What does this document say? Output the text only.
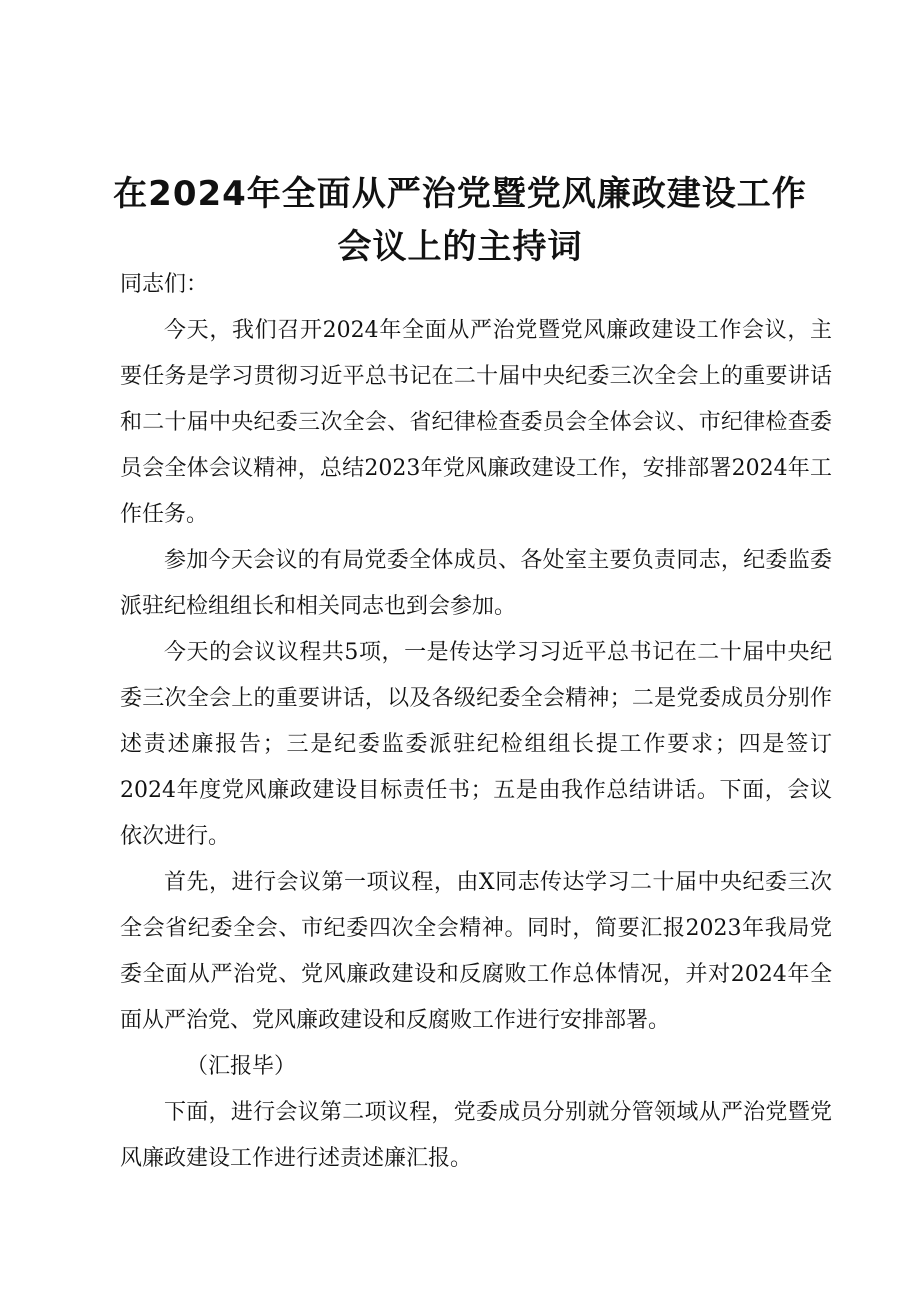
在2024年全面从严治党暨党风廉政建设工作
会议上的主持词

同志们：

今天，我们召开2024年全面从严治党暨党风廉政建设工作会议，主要任务是学习贯彻习近平总书记在二十届中央纪委三次全会上的重要讲话和二十届中央纪委三次全会、省纪律检查委员会全体会议、市纪律检查委员会全体会议精神，总结2023年党风廉政建设工作，安排部署2024年工作任务。

参加今天会议的有局党委全体成员、各处室主要负责同志，纪委监委派驻纪检组组长和相关同志也到会参加。

今天的会议议程共5项，一是传达学习习近平总书记在二十届中央纪委三次全会上的重要讲话，以及各级纪委全会精神；二是党委成员分别作述责述廉报告；三是纪委监委派驻纪检组组长提工作要求；四是签订2024年度党风廉政建设目标责任书；五是由我作总结讲话。下面，会议依次进行。

首先，进行会议第一项议程，由X同志传达学习二十届中央纪委三次全会省纪委全会、市纪委四次全会精神。同时，简要汇报2023年我局党委全面从严治党、党风廉政建设和反腐败工作总体情况，并对2024年全面从严治党、党风廉政建设和反腐败工作进行安排部署。

（汇报毕）

下面，进行会议第二项议程，党委成员分别就分管领域从严治党暨党风廉政建设工作进行述责述廉汇报。
